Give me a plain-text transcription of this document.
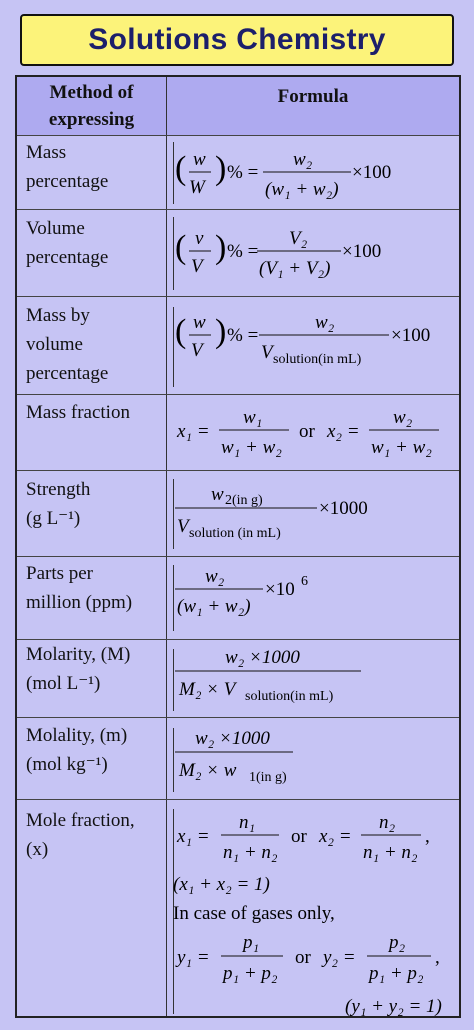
Solutions Chemistry
Method of
expressing
Formula
Mass
percentage
Volume
percentage
Mass by
volume
percentage
Mass fraction
Strength
(g L⁻¹)
Parts per
million (ppm)
Molarity, (M)
(mol L⁻¹)
Molality, (m)
(mol kg⁻¹)
Mole fraction,
(x)
( w
W
) % =
w₂
(w₁ + w₂)
×100
( v
V
) % =
V₂
(V₁ + V₂)
×100
( w
V
) % =
w₂
V solution(in mL)
×100
x₁ =
w₁
w₁ + w₂
or x₂ =
w₂
w₁ + w₂
w 2(in g)
V solution (in mL)
×1000
w₂
(w₁ + w₂)
×10 6
w₂ ×1000
M₂ × V solution(in mL)
w₂ ×1000
M₂ × w 1(in g)
x₁ =
n₁
n₁ + n₂
or x₂ =
n₂
n₁ + n₂
,
(x₁ + x₂ = 1)
In case of gases only,
y₁ =
p₁
p₁ + p₂
or y₂ =
p₂
p₁ + p₂
,
(y₁ + y₂ = 1)
